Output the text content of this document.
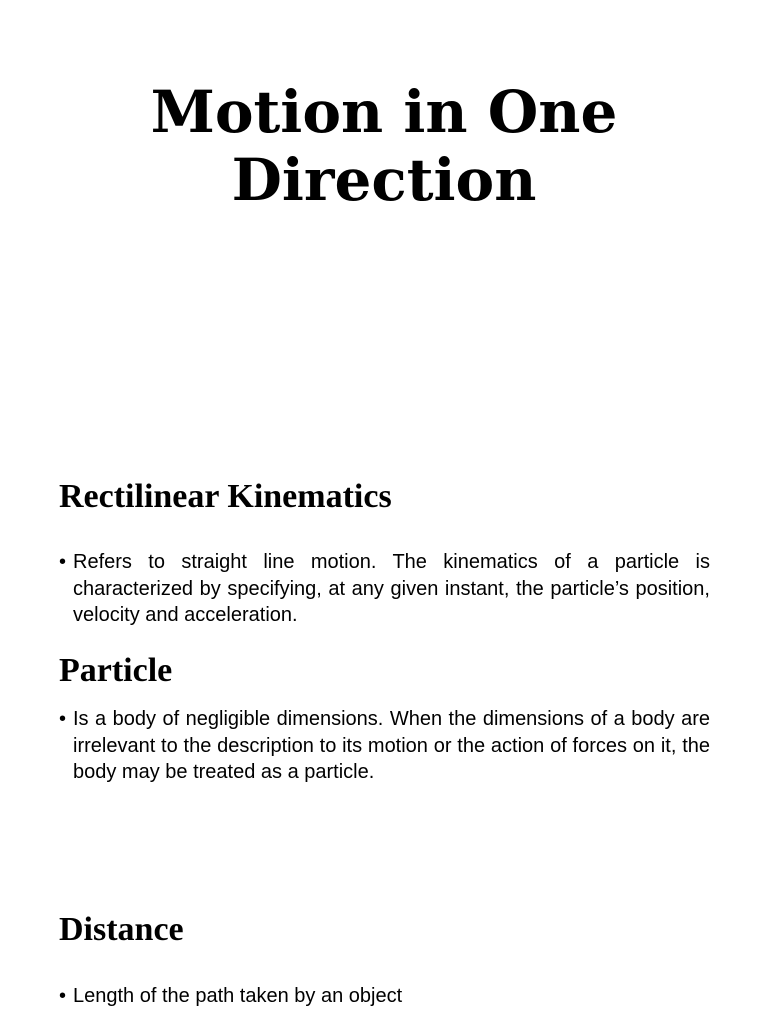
Motion in One
Direction
Rectilinear Kinematics
• Refers to straight line motion. The kinematics of a particle is characterized by specifying, at any given instant, the particle’s position, velocity and acceleration.
Particle
• Is a body of negligible dimensions. When the dimensions of a body are irrelevant to the description to its motion or the action of forces on it, the body may be treated as a particle.
Distance
• Length of the path taken by an object
